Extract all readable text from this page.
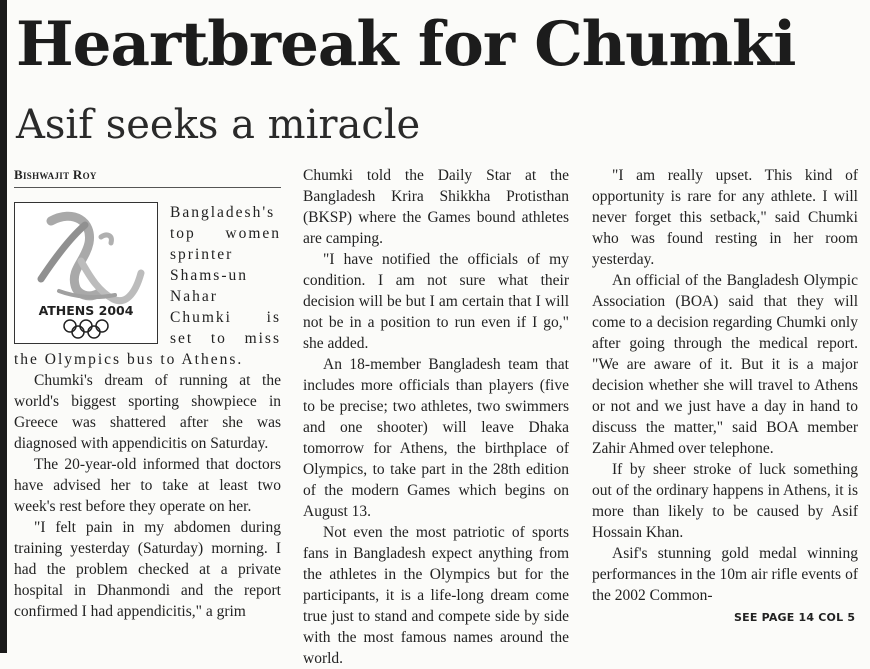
Heartbreak for Chumki
Asif seeks a miracle
Bishwajit Roy
ATHENS 2004

Bangladesh's top women sprinter Shams-un Nahar Chumki is set to miss the Olympics bus to Athens.

Chumki's dream of running at the world's biggest sporting showpiece in Greece was shattered after she was diagnosed with appendicitis on Saturday.

The 20-year-old informed that doctors have advised her to take at least two week's rest before they operate on her.

"I felt pain in my abdomen during training yesterday (Saturday) morning. I had the problem checked at a private hospital in Dhanmondi and the report confirmed I had appendicitis," a grim

Chumki told the Daily Star at the Bangladesh Krira Shikkha Protisthan (BKSP) where the Games bound athletes are camping.

"I have notified the officials of my condition. I am not sure what their decision will be but I am certain that I will not be in a position to run even if I go," she added.

An 18-member Bangladesh team that includes more officials than players (five to be precise; two athletes, two swimmers and one shooter) will leave Dhaka tomorrow for Athens, the birthplace of Olympics, to take part in the 28th edition of the modern Games which begins on August 13.

Not even the most patriotic of sports fans in Bangladesh expect anything from the athletes in the Olympics but for the participants, it is a life-long dream come true just to stand and compete side by side with the most famous names around the world.

"I am really upset. This kind of opportunity is rare for any athlete. I will never forget this setback," said Chumki who was found resting in her room yesterday.

An official of the Bangladesh Olympic Association (BOA) said that they will come to a decision regarding Chumki only after going through the medical report. "We are aware of it. But it is a major decision whether she will travel to Athens or not and we just have a day in hand to discuss the matter," said BOA member Zahir Ahmed over telephone.

If by sheer stroke of luck something out of the ordinary happens in Athens, it is more than likely to be caused by Asif Hossain Khan.

Asif's stunning gold medal winning performances in the 10m air rifle events of the 2002 Common-

SEE PAGE 14 COL 5
